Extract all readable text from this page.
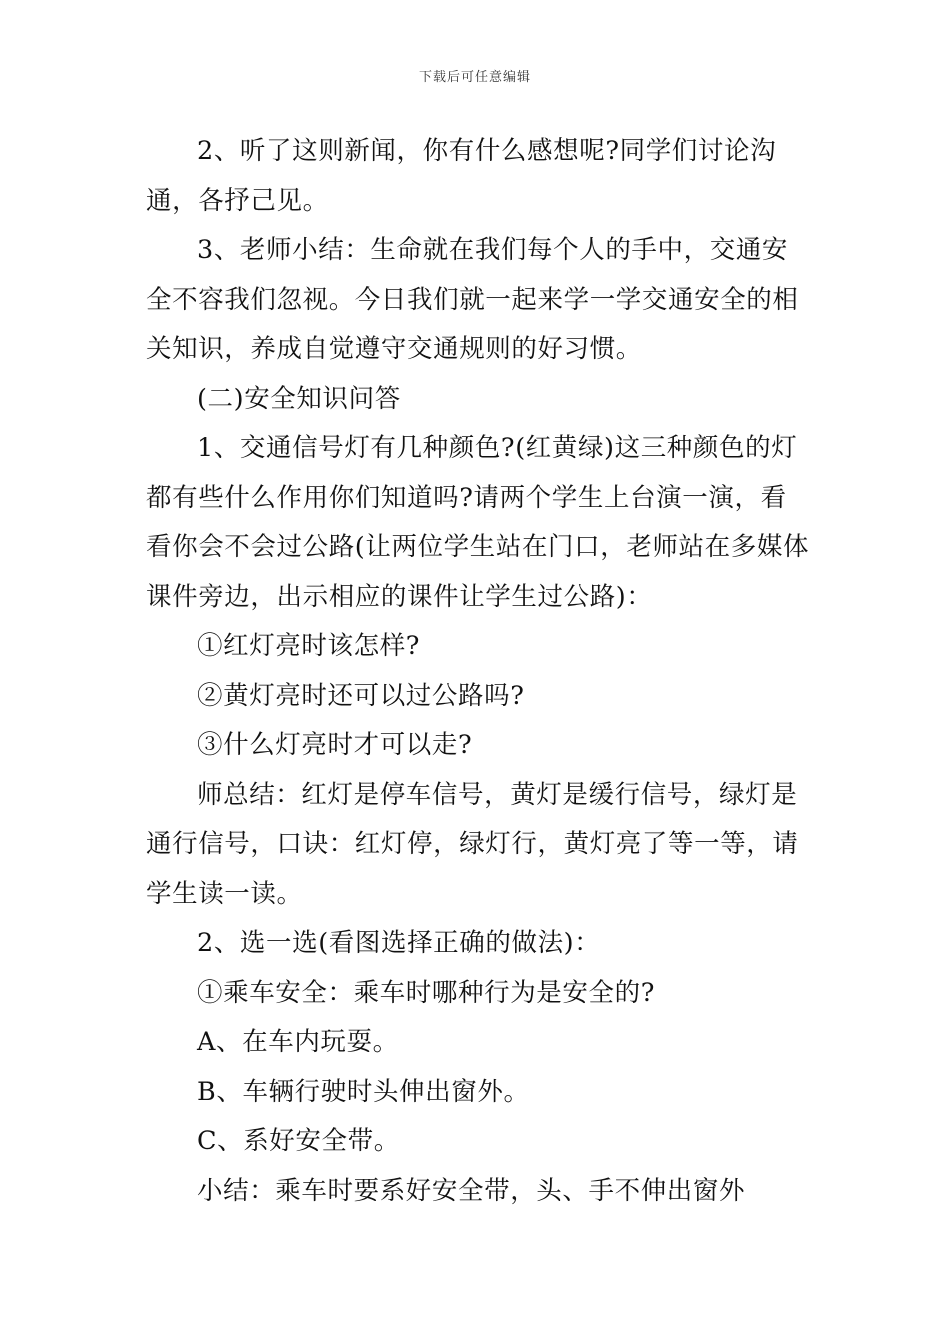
下载后可任意编辑

2、听了这则新闻，你有什么感想呢?同学们讨论沟通，各抒己见。

3、老师小结：生命就在我们每个人的手中，交通安全不容我们忽视。今日我们就一起来学一学交通安全的相关知识，养成自觉遵守交通规则的好习惯。

(二)安全知识问答

1、交通信号灯有几种颜色?(红黄绿)这三种颜色的灯都有些什么作用你们知道吗?请两个学生上台演一演，看看你会不会过公路(让两位学生站在门口，老师站在多媒体课件旁边，出示相应的课件让学生过公路)：

①红灯亮时该怎样?

②黄灯亮时还可以过公路吗?

③什么灯亮时才可以走?

师总结：红灯是停车信号，黄灯是缓行信号，绿灯是通行信号，口诀：红灯停，绿灯行，黄灯亮了等一等，请学生读一读。

2、选一选(看图选择正确的做法)：

①乘车安全：乘车时哪种行为是安全的?

A、在车内玩耍。

B、车辆行驶时头伸出窗外。

C、系好安全带。

小结：乘车时要系好安全带，头、手不伸出窗外
